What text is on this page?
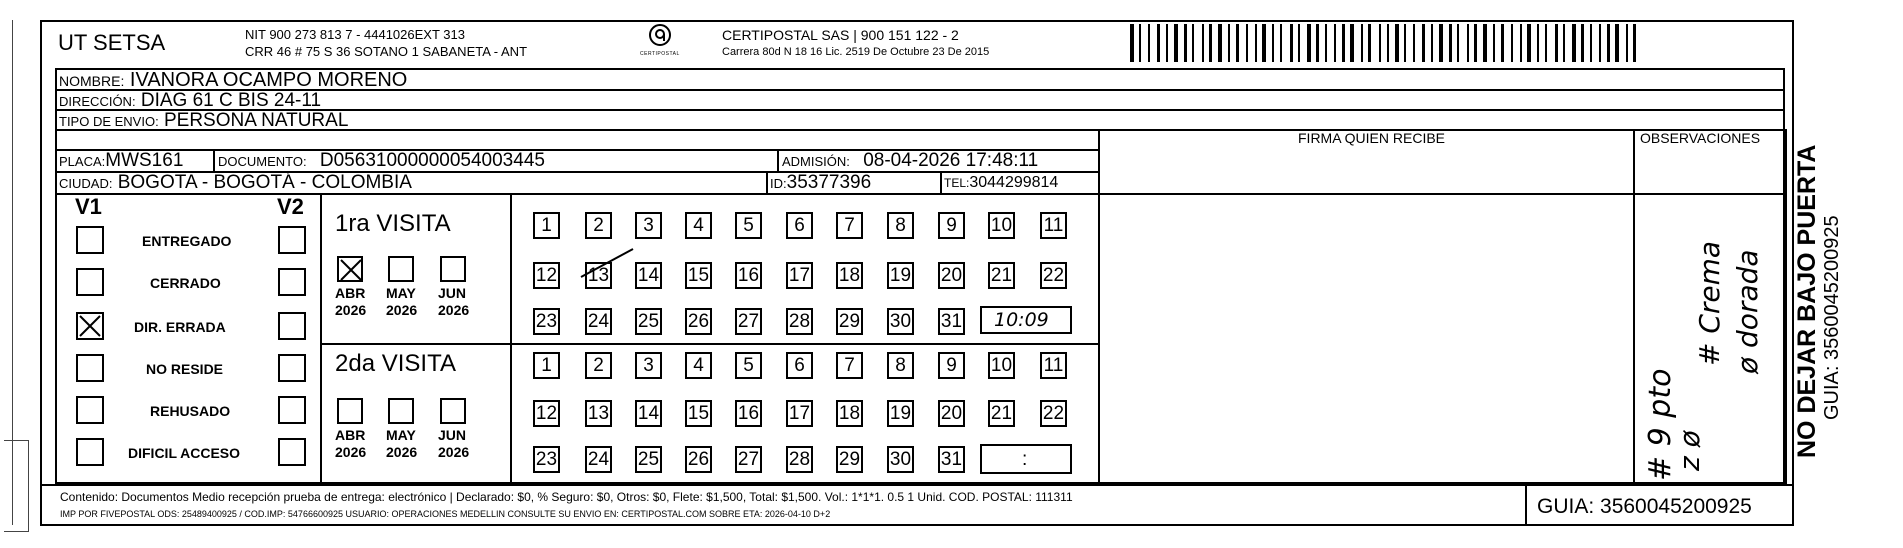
UT SETSA	NIT 900 273 813 7 - 4441026EXT 313
CRR 46 # 75 S 36 SOTANO 1 SABANETA - ANT	CERTIPOSTAL
CERTIPOSTAL SAS | 900 151 122 - 2
Carrera 80d N 18 16 Lic. 2519 De Octubre 23 De 2015
NOMBRE: IVANORA OCAMPO MORENO
DIRECCIÓN: DIAG 61 C BIS 24-11
TIPO DE ENVIO: PERSONA NATURAL
FIRMA QUIEN RECIBE	OBSERVACIONES
PLACA:MWS161	DOCUMENTO: D05631000000054003445	ADMISIÓN: 08-04-2026 17:48:11
CIUDAD: BOGOTA - BOGOTÁ - COLOMBIA	ID:35377396	TEL:3044299814
V1	V2
ENTREGADO
CERRADO
DIR. ERRADA
NO RESIDE
REHUSADO
DIFICIL ACCESO
1ra VISITA
ABR
2026
MAY
2026
JUN
2026
1	2	3	4	5	6	7	8	9	10 11
12 13 14 15 16 17 18 19 20 21 22
23 24 25 26 27 28 29 30 31 10:09
2da VISITA
ABR
2026
MAY
2026
JUN
2026
1	2	3	4	5	6	7	8	9	10 11
12 13 14 15 16 17 18 19 20 21 22
23 24 25 26 27 28 29 30 31	:	# 9 pto
# Crema
z ø
ø dorada NO DEJAR BAJO PUERTA GUIA: 3560045200925
Contenido: Documentos Medio recepción prueba de entrega: electrónico | Declarado: $0, % Seguro: $0, Otros: $0, Flete: $1,500, Total: $1,500. Vol.: 1*1*1. 0.5 1 Unid. COD. POSTAL: 111311
IMP POR FIVEPOSTAL ODS: 25489400925 / COD.IMP: 54766600925 USUARIO: OPERACIONES MEDELLIN CONSULTE SU ENVIO EN: CERTIPOSTAL.COM SOBRE ETA: 2026-04-10 D+2	GUIA: 3560045200925
